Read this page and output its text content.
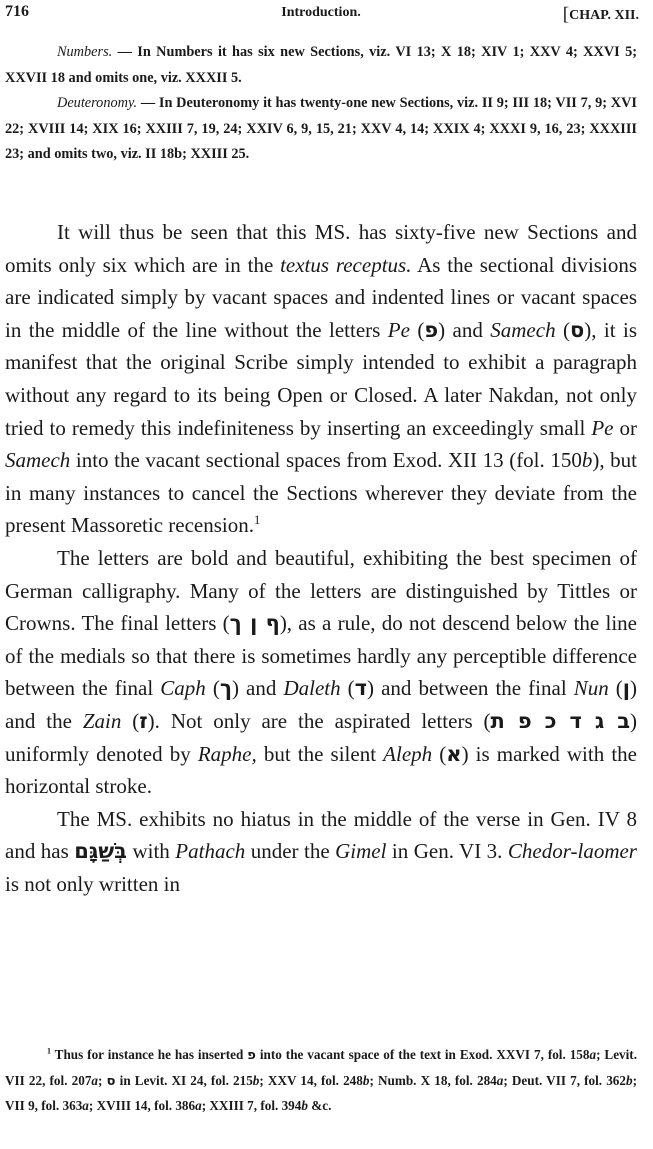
716	Introduction.	[CHAP. XII.

Numbers. — In Numbers it has six new Sections, viz. VI 13; X 18; XIV 1; XXV 4; XXVI 5; XXVII 18 and omits one, viz. XXXII 5.

Deuteronomy. — In Deuteronomy it has twenty-one new Sections, viz. II 9; III 18; VII 7, 9; XVI 22; XVIII 14; XIX 16; XXIII 7, 19, 24; XXIV 6, 9, 15, 21; XXV 4, 14; XXIX 4; XXXI 9, 16, 23; XXXIII 23; and omits two, viz. II 18b; XXIII 25.

It will thus be seen that this MS. has sixty-five new Sections and omits only six which are in the textus receptus. As the sectional divisions are indicated simply by vacant spaces and indented lines or vacant spaces in the middle of the line without the letters Pe (פ) and Samech (ס), it is manifest that the original Scribe simply intended to exhibit a paragraph without any regard to its being Open or Closed. A later Nakdan, not only tried to remedy this indefiniteness by inserting an exceedingly small Pe or Samech into the vacant sectional spaces from Exod. XII 13 (fol. 150b), but in many instances to cancel the Sections wherever they deviate from the present Massoretic recension.$^1$

The letters are bold and beautiful, exhibiting the best specimen of German calligraphy. Many of the letters are distinguished by Tittles or Crowns. The final letters (ף ן ך), as a rule, do not descend below the line of the medials so that there is sometimes hardly any perceptible difference between the final Caph (ך) and Daleth (ד) and between the final Nun (ן) and the Zain (ז). Not only are the aspirated letters (ב ג ד כ פ ת) uniformly denoted by Raphe, but the silent Aleph (א) is marked with the horizontal stroke.

The MS. exhibits no hiatus in the middle of the verse in Gen. IV 8 and has בְּשַׁגָּם with Pathach under the Gimel in Gen. VI 3. Chedor-laomer is not only written in

$^1$ Thus for instance he has inserted פ into the vacant space of the text in Exod. XXVI 7, fol. 158a; Levit. VII 22, fol. 207a; ס in Levit. XI 24, fol. 215b; XXV 14, fol. 248b; Numb. X 18, fol. 284a; Deut. VII 7, fol. 362b; VII 9, fol. 363a; XVIII 14, fol. 386a; XXIII 7, fol. 394b &c.
